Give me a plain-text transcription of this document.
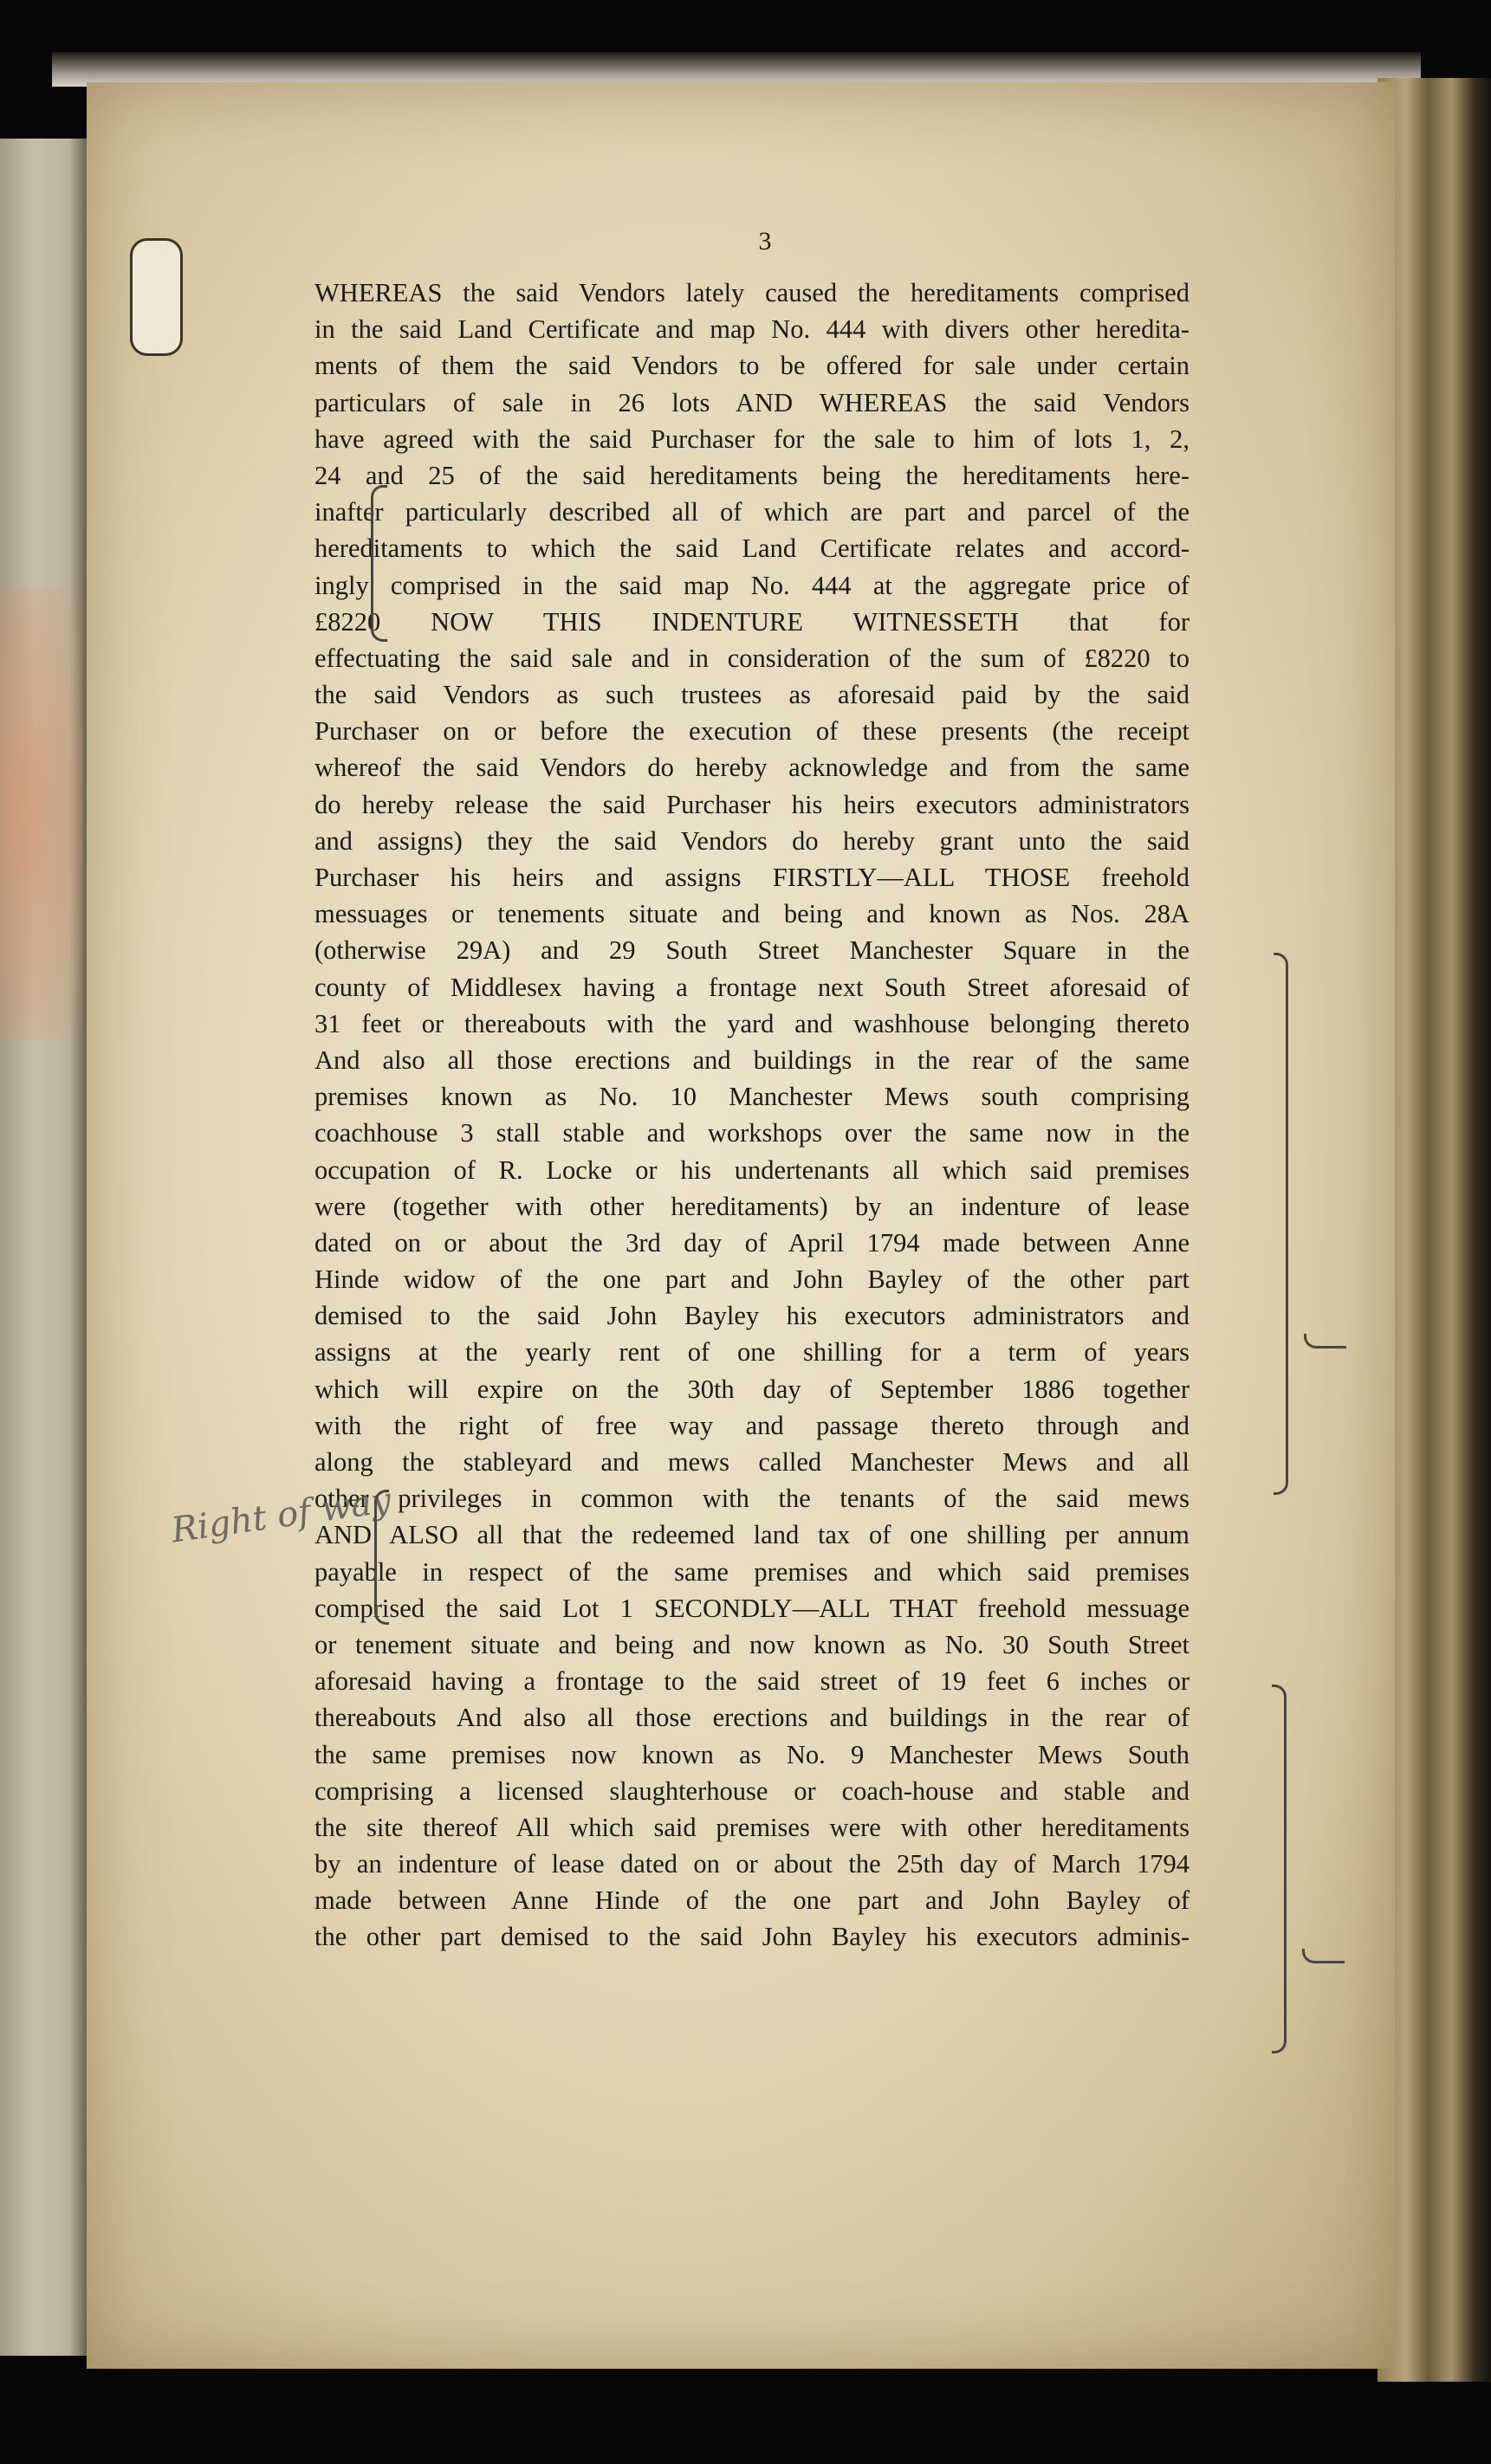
3
WHEREAS the said Vendors lately caused the hereditaments comprised
in the said Land Certificate and map No. 444 with divers other heredita-
ments of them the said Vendors to be offered for sale under certain
particulars of sale in 26 lots AND WHEREAS the said Vendors
have agreed with the said Purchaser for the sale to him of lots 1, 2,
24 and 25 of the said hereditaments being the hereditaments here-
inafter particularly described all of which are part and parcel of the
hereditaments to which the said Land Certificate relates and accord-
ingly comprised in the said map No. 444 at the aggregate price of
£8220 NOW THIS INDENTURE WITNESSETH that for
effectuating the said sale and in consideration of the sum of £8220 to
the said Vendors as such trustees as aforesaid paid by the said
Purchaser on or before the execution of these presents (the receipt
whereof the said Vendors do hereby acknowledge and from the same
do hereby release the said Purchaser his heirs executors administrators
and assigns) they the said Vendors do hereby grant unto the said
Purchaser his heirs and assigns FIRSTLY—ALL THOSE freehold
messuages or tenements situate and being and known as Nos. 28A
(otherwise 29A) and 29 South Street Manchester Square in the
county of Middlesex having a frontage next South Street aforesaid of
31 feet or thereabouts with the yard and washhouse belonging thereto
And also all those erections and buildings in the rear of the same
premises known as No. 10 Manchester Mews south comprising
coachhouse 3 stall stable and workshops over the same now in the
occupation of R. Locke or his undertenants all which said premises
were (together with other hereditaments) by an indenture of lease
dated on or about the 3rd day of April 1794 made between Anne
Hinde widow of the one part and John Bayley of the other part
demised to the said John Bayley his executors administrators and
assigns at the yearly rent of one shilling for a term of years
which will expire on the 30th day of September 1886 together
with the right of free way and passage thereto through and
along the stableyard and mews called Manchester Mews and all
other privileges in common with the tenants of the said mews
AND ALSO all that the redeemed land tax of one shilling per annum
payable in respect of the same premises and which said premises
comprised the said Lot 1 SECONDLY—ALL THAT freehold messuage
or tenement situate and being and now known as No. 30 South Street
aforesaid having a frontage to the said street of 19 feet 6 inches or
thereabouts And also all those erections and buildings in the rear of
the same premises now known as No. 9 Manchester Mews South
comprising a licensed slaughterhouse or coach-house and stable and
the site thereof All which said premises were with other hereditaments
by an indenture of lease dated on or about the 25th day of March 1794
made between Anne Hinde of the one part and John Bayley of
the other part demised to the said John Bayley his executors adminis-
Right of way
